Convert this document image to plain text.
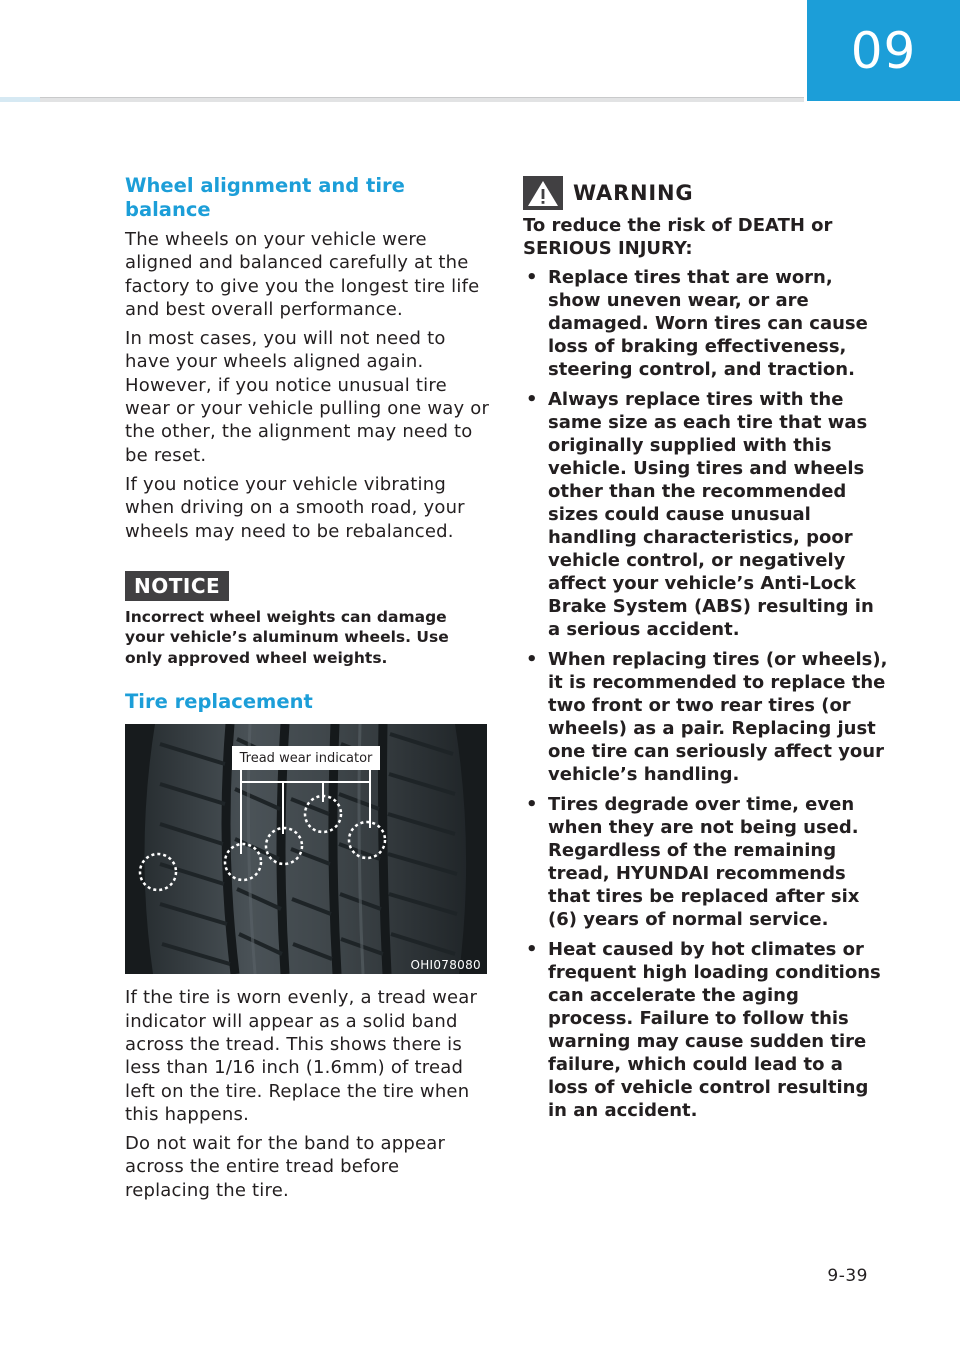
09
Wheel alignment and tire balance

The wheels on your vehicle were aligned and balanced carefully at the factory to give you the longest tire life and best overall performance.

In most cases, you will not need to have your wheels aligned again. However, if you notice unusual tire wear or your vehicle pulling one way or the other, the alignment may need to be reset.

If you notice your vehicle vibrating when driving on a smooth road, your wheels may need to be rebalanced.

NOTICE

Incorrect wheel weights can damage your vehicle’s aluminum wheels. Use only approved wheel weights.

Tire replacement
Tread wear indicator
OHI078080

If the tire is worn evenly, a tread wear indicator will appear as a solid band across the tread. This shows there is less than 1/16 inch (1.6mm) of tread left on the tire. Replace the tire when this happens.

Do not wait for the band to appear across the entire tread before replacing the tire.

WARNING

To reduce the risk of DEATH or SERIOUS INJURY:

• Replace tires that are worn, show uneven wear, or are damaged. Worn tires can cause loss of braking effectiveness, steering control, and traction.
• Always replace tires with the same size as each tire that was originally supplied with this vehicle. Using tires and wheels other than the recommended sizes could cause unusual handling characteristics, poor vehicle control, or negatively affect your vehicle’s Anti-Lock Brake System (ABS) resulting in a serious accident.
• When replacing tires (or wheels), it is recommended to replace the two front or two rear tires (or wheels) as a pair. Replacing just one tire can seriously affect your vehicle’s handling.
• Tires degrade over time, even when they are not being used. Regardless of the remaining tread, HYUNDAI recommends that tires be replaced after six (6) years of normal service.
• Heat caused by hot climates or frequent high loading conditions can accelerate the aging process. Failure to follow this warning may cause sudden tire failure, which could lead to a loss of vehicle control resulting in an accident.
9-39
